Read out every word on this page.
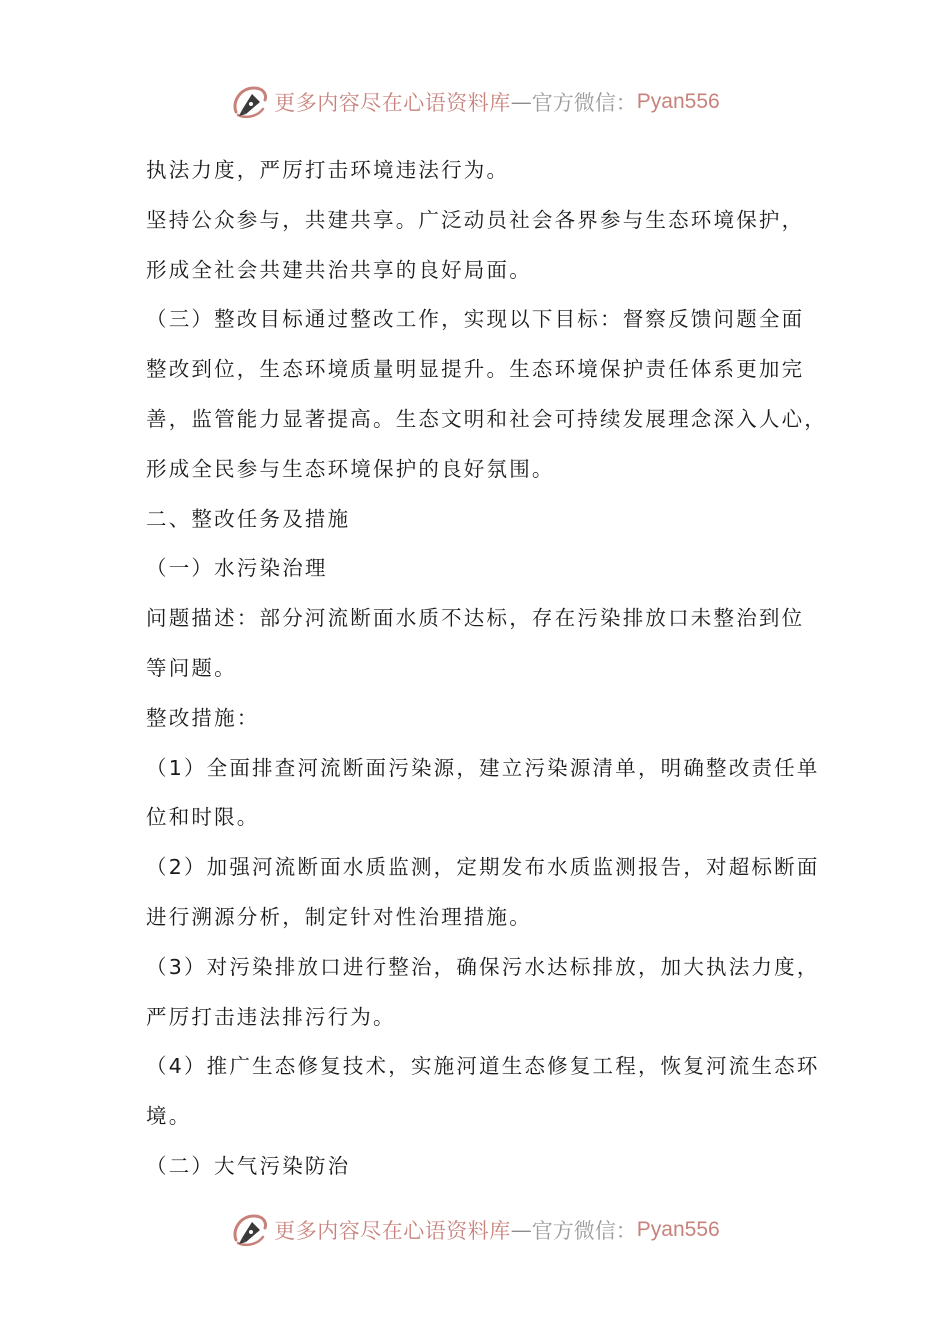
更多内容尽在心语资料库 — 官方微信： Pyan556
执法力度，严厉打击环境违法行为。
坚持公众参与，共建共享。广泛动员社会各界参与生态环境保护，
形成全社会共建共治共享的良好局面。
（三）整改目标通过整改工作，实现以下目标：督察反馈问题全面
整改到位，生态环境质量明显提升。生态环境保护责任体系更加完
善，监管能力显著提高。生态文明和社会可持续发展理念深入人心，
形成全民参与生态环境保护的良好氛围。
二、整改任务及措施
（一）水污染治理
问题描述：部分河流断面水质不达标，存在污染排放口未整治到位
等问题。
整改措施：
（1）全面排查河流断面污染源，建立污染源清单，明确整改责任单
位和时限。
（2）加强河流断面水质监测，定期发布水质监测报告，对超标断面
进行溯源分析，制定针对性治理措施。
（3）对污染排放口进行整治，确保污水达标排放，加大执法力度，
严厉打击违法排污行为。
（4）推广生态修复技术，实施河道生态修复工程，恢复河流生态环
境。
（二）大气污染防治
更多内容尽在心语资料库 — 官方微信： Pyan556
